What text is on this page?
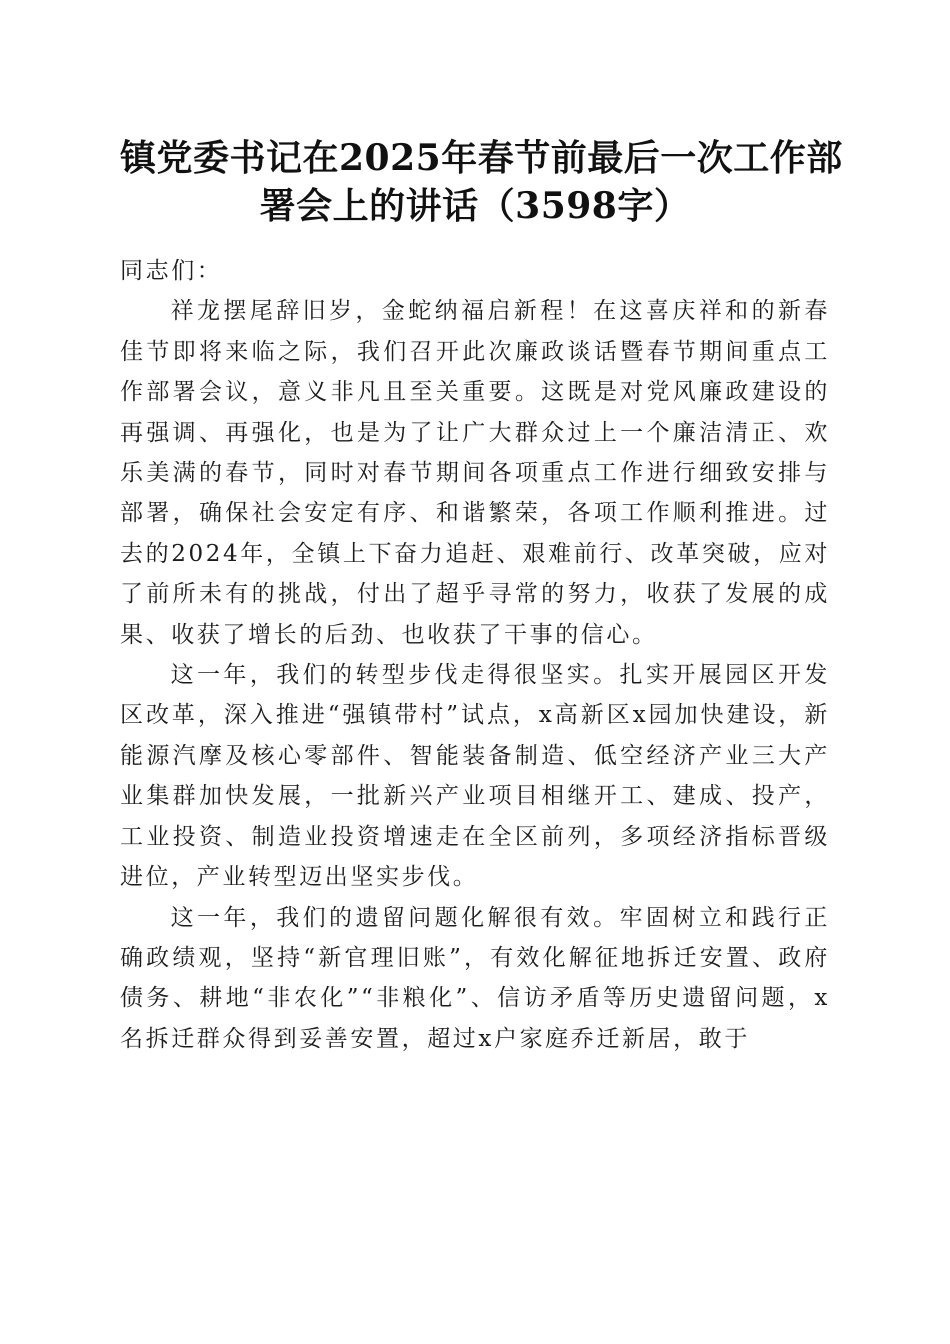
镇党委书记在2025年春节前最后一次工作部
署会上的讲话（3598字）

同志们：

祥龙摆尾辞旧岁，金蛇纳福启新程！在这喜庆祥和的新春佳节即将来临之际，我们召开此次廉政谈话暨春节期间重点工作部署会议，意义非凡且至关重要。这既是对党风廉政建设的再强调、再强化，也是为了让广大群众过上一个廉洁清正、欢乐美满的春节，同时对春节期间各项重点工作进行细致安排与部署，确保社会安定有序、和谐繁荣，各项工作顺利推进。过去的2024年，全镇上下奋力追赶、艰难前行、改革突破，应对了前所未有的挑战，付出了超乎寻常的努力，收获了发展的成果、收获了增长的后劲、也收获了干事的信心。

这一年，我们的转型步伐走得很坚实。扎实开展园区开发区改革，深入推进“强镇带村”试点，x高新区x园加快建设，新能源汽摩及核心零部件、智能装备制造、低空经济产业三大产业集群加快发展，一批新兴产业项目相继开工、建成、投产，工业投资、制造业投资增速走在全区前列，多项经济指标晋级进位，产业转型迈出坚实步伐。

这一年，我们的遗留问题化解很有效。牢固树立和践行正确政绩观，坚持“新官理旧账”，有效化解征地拆迁安置、政府债务、耕地“非农化”“非粮化”、信访矛盾等历史遗留问题，x名拆迁群众得到妥善安置，超过x户家庭乔迁新居，敢于
